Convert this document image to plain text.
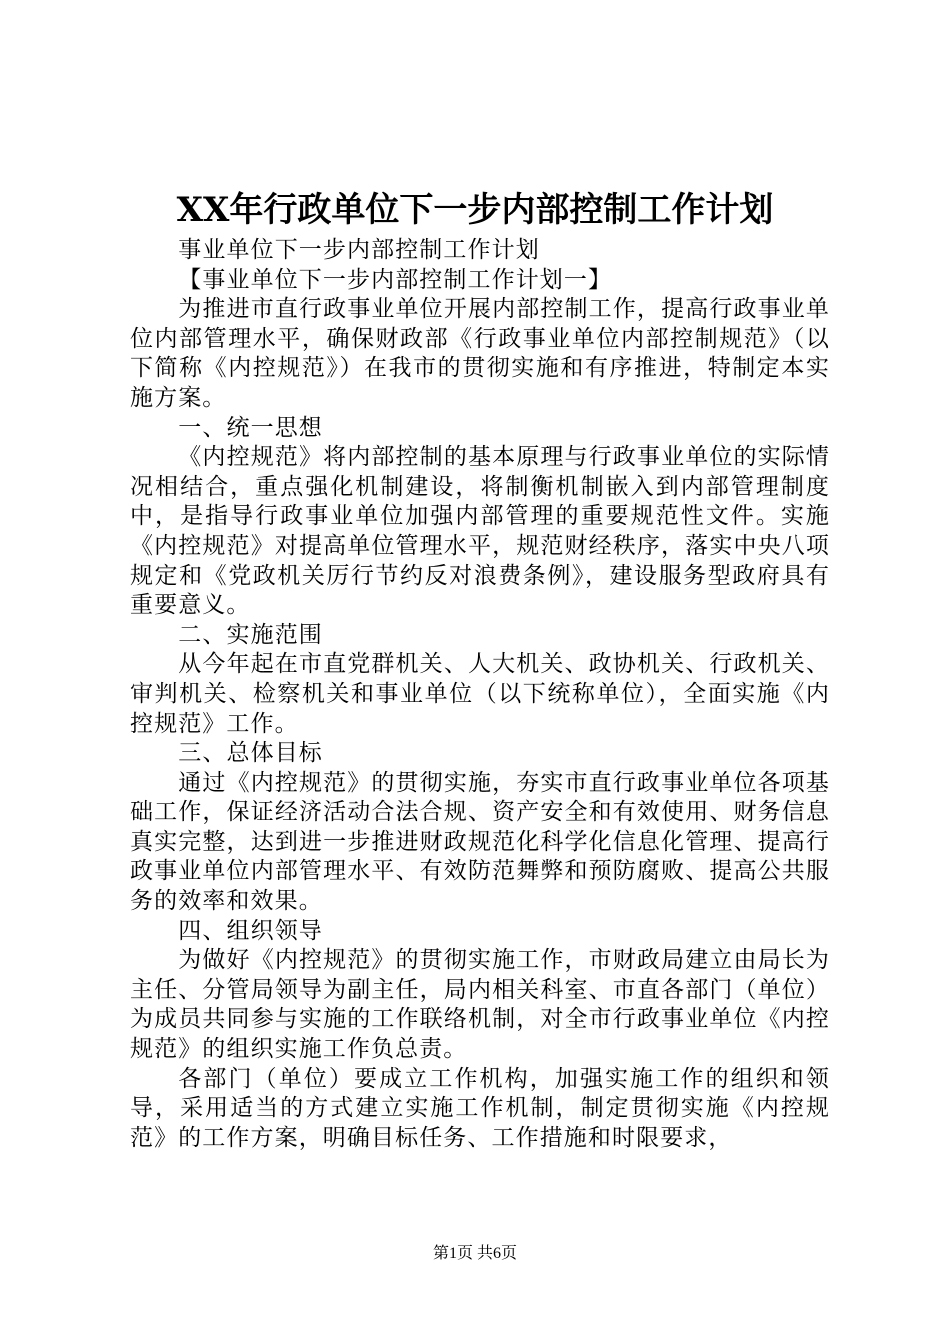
XX年行政单位下一步内部控制工作计划

事业单位下一步内部控制工作计划

【事业单位下一步内部控制工作计划一】

为推进市直行政事业单位开展内部控制工作，提高行政事业单位内部管理水平，确保财政部《行政事业单位内部控制规范》（以下简称《内控规范》）在我市的贯彻实施和有序推进，特制定本实施方案。

一、统一思想

《内控规范》将内部控制的基本原理与行政事业单位的实际情况相结合，重点强化机制建设，将制衡机制嵌入到内部管理制度中，是指导行政事业单位加强内部管理的重要规范性文件。实施《内控规范》对提高单位管理水平，规范财经秩序，落实中央八项规定和《党政机关厉行节约反对浪费条例》，建设服务型政府具有重要意义。

二、实施范围

从今年起在市直党群机关、人大机关、政协机关、行政机关、审判机关、检察机关和事业单位（以下统称单位），全面实施《内控规范》工作。

三、总体目标

通过《内控规范》的贯彻实施，夯实市直行政事业单位各项基础工作，保证经济活动合法合规、资产安全和有效使用、财务信息真实完整，达到进一步推进财政规范化科学化信息化管理、提高行政事业单位内部管理水平、有效防范舞弊和预防腐败、提高公共服务的效率和效果。

四、组织领导

为做好《内控规范》的贯彻实施工作，市财政局建立由局长为主任、分管局领导为副主任，局内相关科室、市直各部门（单位）为成员共同参与实施的工作联络机制，对全市行政事业单位《内控规范》的组织实施工作负总责。

各部门（单位）要成立工作机构，加强实施工作的组织和领导，采用适当的方式建立实施工作机制，制定贯彻实施《内控规范》的工作方案，明确目标任务、工作措施和时限要求，

第1页 共6页
